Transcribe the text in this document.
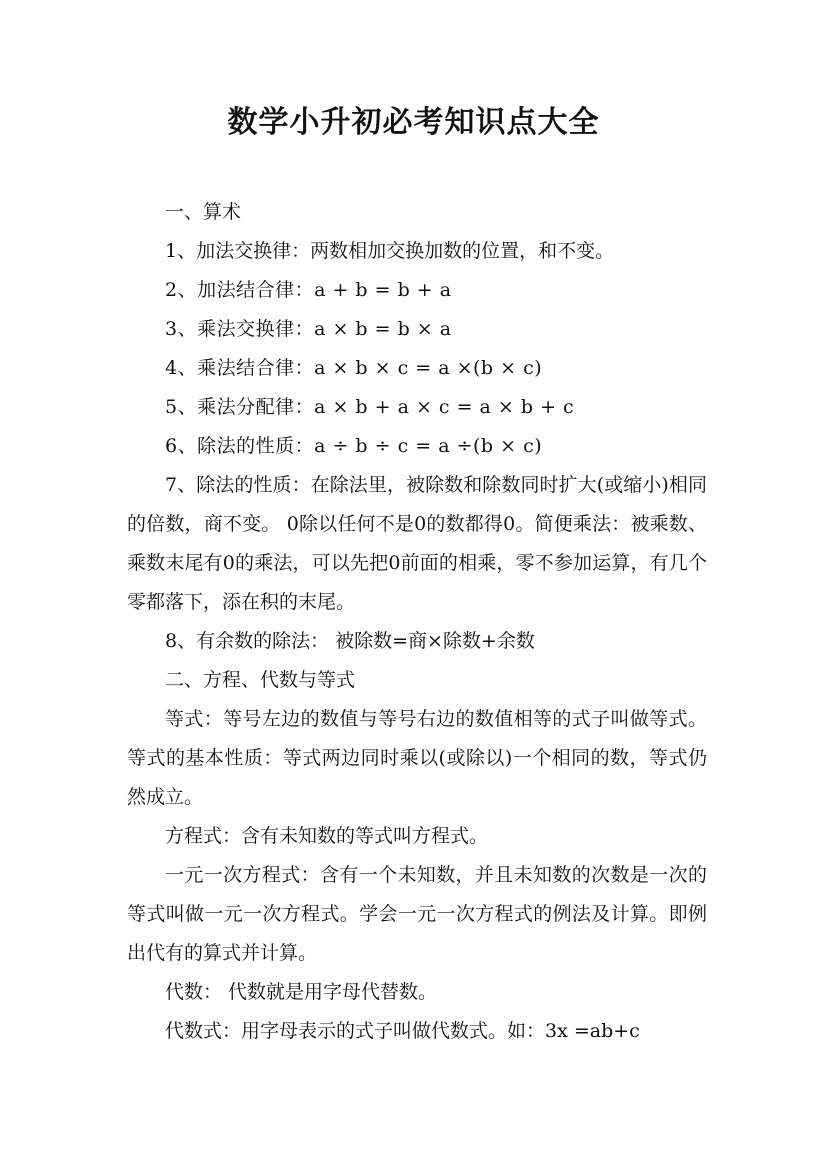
数学小升初必考知识点大全

一、算术

1、加法交换律：两数相加交换加数的位置，和不变。

2、加法结合律：a + b = b + a

3、乘法交换律：a × b = b × a

4、乘法结合律：a × b × c = a ×(b × c)

5、乘法分配律：a × b + a × c = a × b + c

6、除法的性质：a ÷ b ÷ c = a ÷(b × c)

7、除法的性质：在除法里，被除数和除数同时扩大(或缩小)相同的倍数，商不变。 0除以任何不是0的数都得0。简便乘法：被乘数、乘数末尾有0的乘法，可以先把0前面的相乘，零不参加运算，有几个零都落下，添在积的末尾。

8、有余数的除法： 被除数=商×除数+余数

二、方程、代数与等式

等式：等号左边的数值与等号右边的数值相等的式子叫做等式。 等式的基本性质：等式两边同时乘以(或除以)一个相同的数，等式仍然成立。

方程式：含有未知数的等式叫方程式。

一元一次方程式：含有一个未知数，并且未知数的次数是一次的等式叫做一元一次方程式。学会一元一次方程式的例法及计算。即例出代有的算式并计算。

代数： 代数就是用字母代替数。

代数式：用字母表示的式子叫做代数式。如：3x =ab+c
